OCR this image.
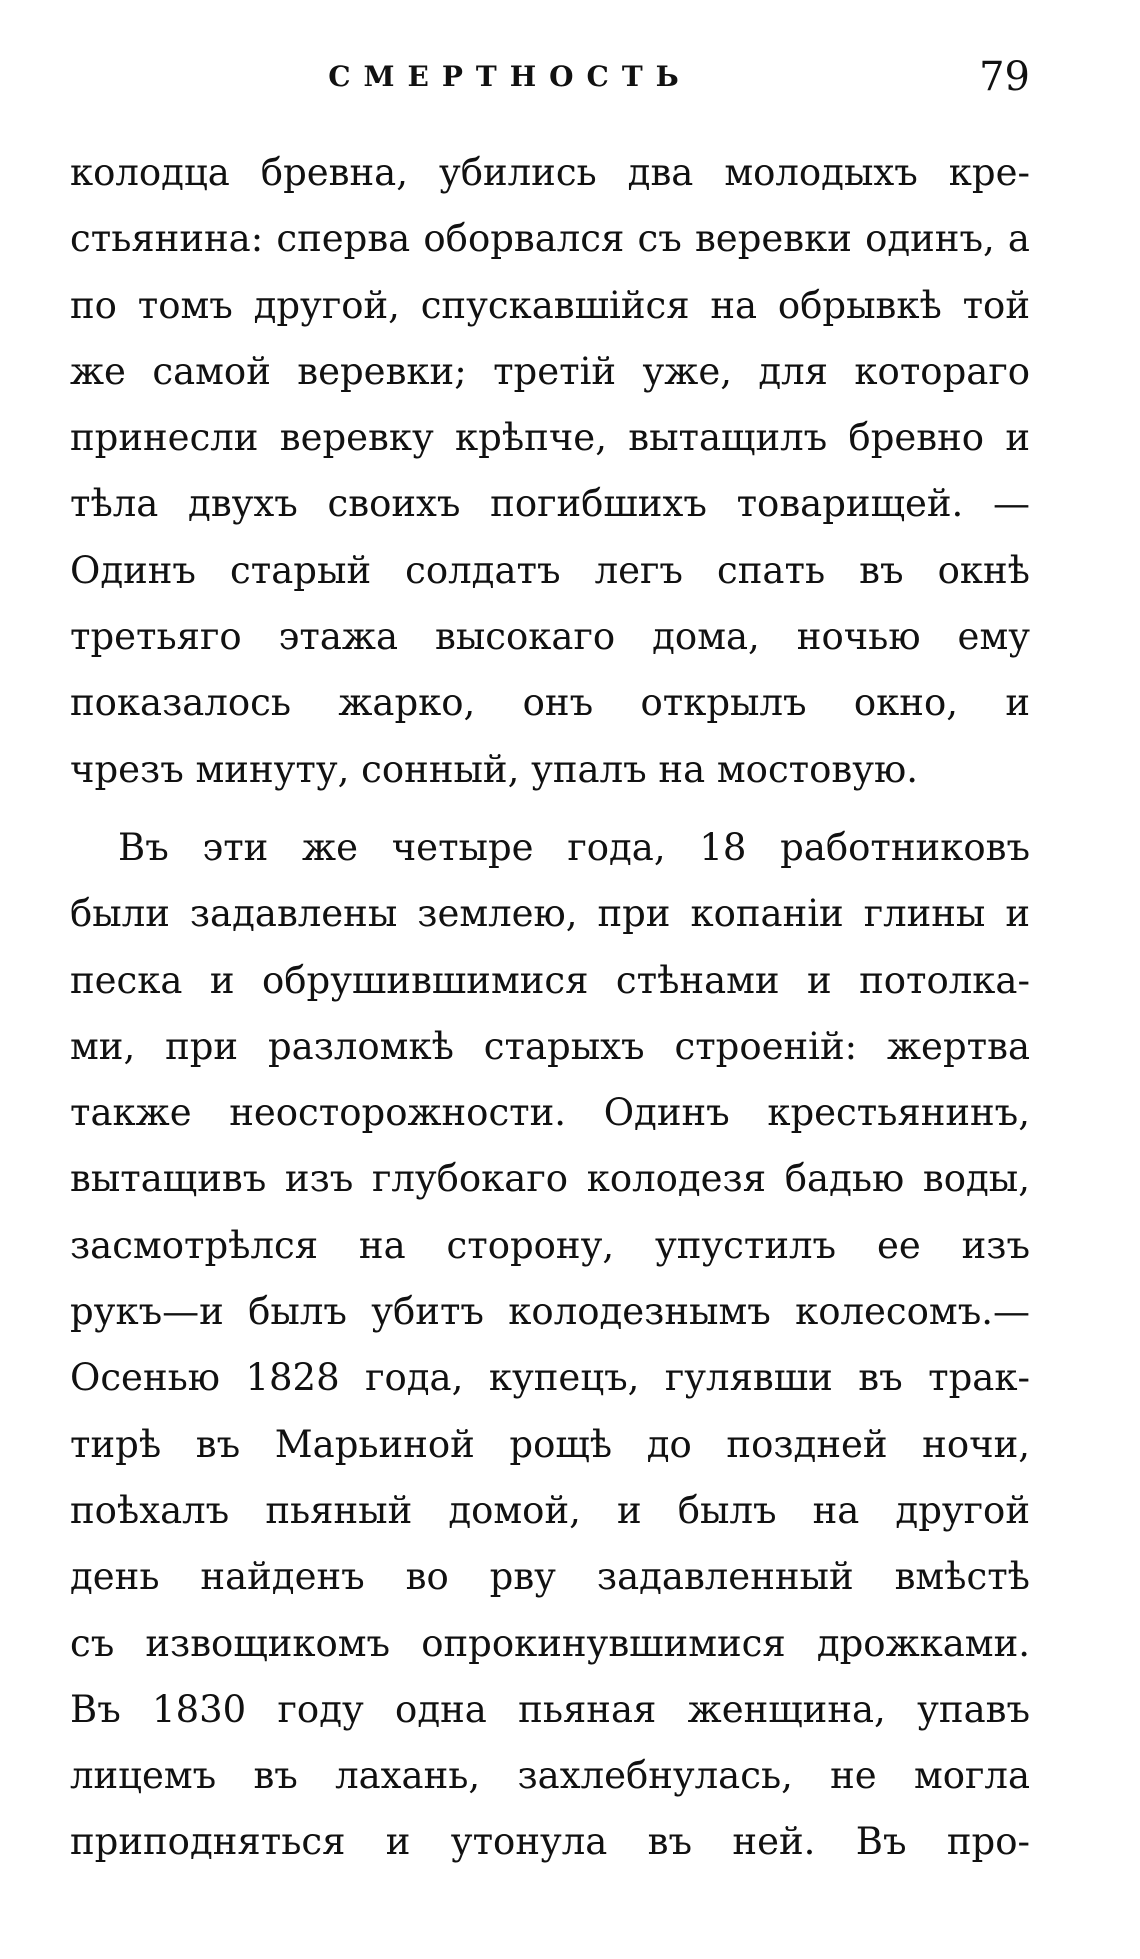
СМЕРТНОСТЬ	79
колодца бревна, убились два молодыхъ кре-
стьянина: сперва оборвался съ веревки одинъ, а
по томъ другой, спускавшійся на обрывкѣ той
же самой веревки; третій уже, для котораго
принесли веревку крѣпче, вытащилъ бревно и
тѣла двухъ своихъ погибшихъ товарищей. —
Одинъ старый солдатъ легъ спать въ окнѣ
третьяго этажа высокаго дома, ночью ему
показалось жарко, онъ открылъ окно, и
чрезъ минуту, сонный, упалъ на мостовую.
Въ эти же четыре года, 18 работниковъ
были задавлены землею, при копаніи глины и
песка и обрушившимися стѣнами и потолка-
ми, при разломкѣ старыхъ строеній: жертва
также неосторожности. Одинъ крестьянинъ,
вытащивъ изъ глубокаго колодезя бадью воды,
засмотрѣлся на сторону, упустилъ ее изъ
рукъ—и былъ убитъ колодезнымъ колесомъ.—
Осенью 1828 года, купецъ, гулявши въ трак-
тирѣ въ Марьиной рощѣ до поздней ночи,
поѣхалъ пьяный домой, и былъ на другой
день найденъ во рву задавленный вмѣстѣ
съ извощикомъ опрокинувшимися дрожками.
Въ 1830 году одна пьяная женщина, упавъ
лицемъ въ лахань, захлебнулась, не могла
приподняться и утонула въ ней. Въ про-
